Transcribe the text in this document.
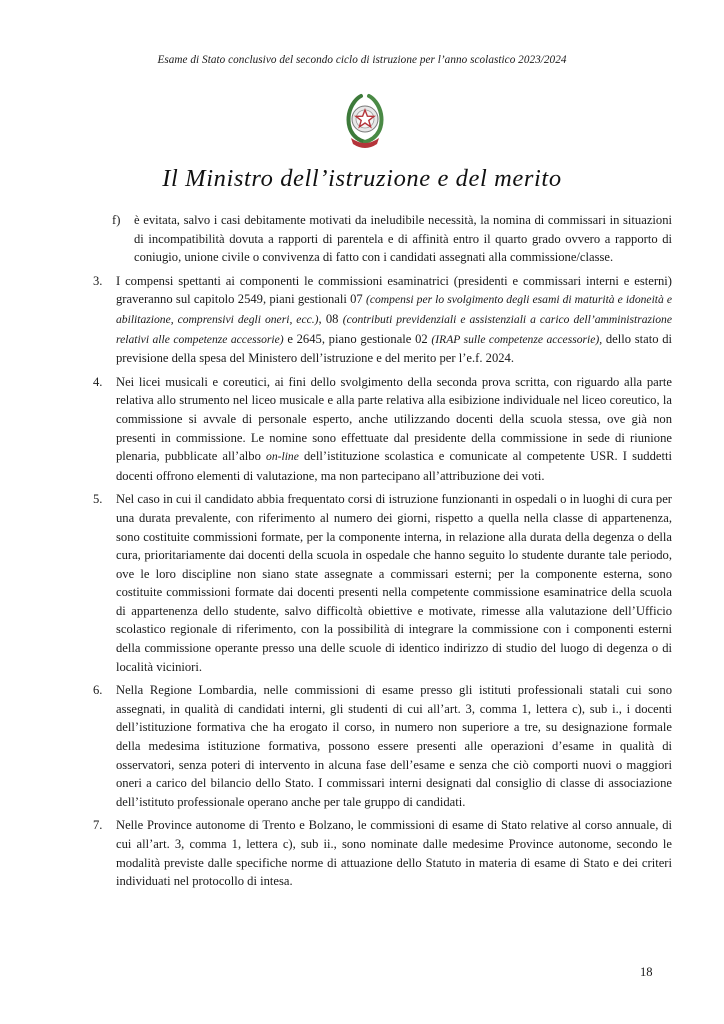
Esame di Stato conclusivo del secondo ciclo di istruzione per l’anno scolastico 2023/2024
Il Ministro dell’istruzione e del merito
f) è evitata, salvo i casi debitamente motivati da ineludibile necessità, la nomina di commissari in situazioni di incompatibilità dovuta a rapporti di parentela e di affinità entro il quarto grado ovvero a rapporto di coniugio, unione civile o convivenza di fatto con i candidati assegnati alla commissione/classe.
3. I compensi spettanti ai componenti le commissioni esaminatrici (presidenti e commissari interni e esterni) graveranno sul capitolo 2549, piani gestionali 07 (compensi per lo svolgimento degli esami di maturità e idoneità e abilitazione, comprensivi degli oneri, ecc.), 08 (contributi previdenziali e assistenziali a carico dell’amministrazione relativi alle competenze accessorie) e 2645, piano gestionale 02 (IRAP sulle competenze accessorie), dello stato di previsione della spesa del Ministero dell’istruzione e del merito per l’e.f. 2024.
4. Nei licei musicali e coreutici, ai fini dello svolgimento della seconda prova scritta, con riguardo alla parte relativa allo strumento nel liceo musicale e alla parte relativa alla esibizione individuale nel liceo coreutico, la commissione si avvale di personale esperto, anche utilizzando docenti della scuola stessa, ove già non presenti in commissione. Le nomine sono effettuate dal presidente della commissione in sede di riunione plenaria, pubblicate all’albo on-line dell’istituzione scolastica e comunicate al competente USR. I suddetti docenti offrono elementi di valutazione, ma non partecipano all’attribuzione dei voti.
5. Nel caso in cui il candidato abbia frequentato corsi di istruzione funzionanti in ospedali o in luoghi di cura per una durata prevalente, con riferimento al numero dei giorni, rispetto a quella nella classe di appartenenza, sono costituite commissioni formate, per la componente interna, in relazione alla durata della degenza o della cura, prioritariamente dai docenti della scuola in ospedale che hanno seguito lo studente durante tale periodo, ove le loro discipline non siano state assegnate a commissari esterni; per la componente esterna, sono costituite commissioni formate dai docenti presenti nella competente commissione esaminatrice della scuola di appartenenza dello studente, salvo difficoltà obiettive e motivate, rimesse alla valutazione dell’Ufficio scolastico regionale di riferimento, con la possibilità di integrare la commissione con i componenti esterni della commissione operante presso una delle scuole di identico indirizzo di studio del luogo di degenza o di località viciniori.
6. Nella Regione Lombardia, nelle commissioni di esame presso gli istituti professionali statali cui sono assegnati, in qualità di candidati interni, gli studenti di cui all’art. 3, comma 1, lettera c), sub i., i docenti dell’istituzione formativa che ha erogato il corso, in numero non superiore a tre, su designazione formale della medesima istituzione formativa, possono essere presenti alle operazioni d’esame in qualità di osservatori, senza poteri di intervento in alcuna fase dell’esame e senza che ciò comporti nuovi o maggiori oneri a carico del bilancio dello Stato. I commissari interni designati dal consiglio di classe di associazione dell’istituto professionale operano anche per tale gruppo di candidati.
7. Nelle Province autonome di Trento e Bolzano, le commissioni di esame di Stato relative al corso annuale, di cui all’art. 3, comma 1, lettera c), sub ii., sono nominate dalle medesime Province autonome, secondo le modalità previste dalle specifiche norme di attuazione dello Statuto in materia di esame di Stato e dei criteri individuati nel protocollo di intesa.
18
